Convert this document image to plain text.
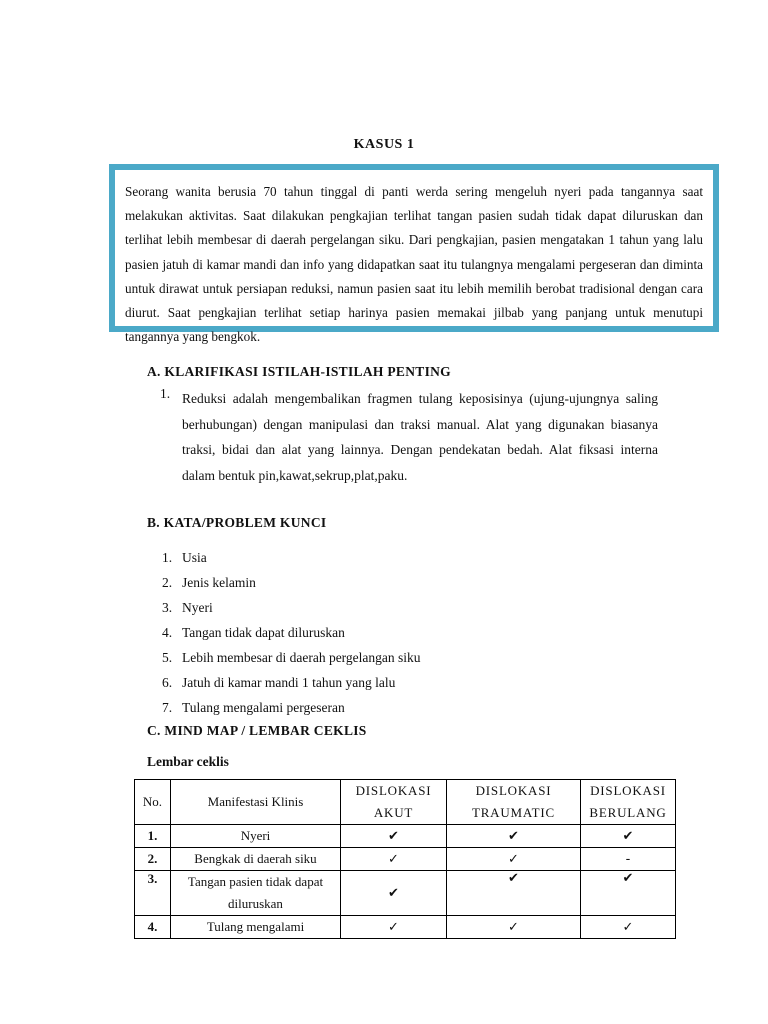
KASUS 1
Seorang wanita berusia 70 tahun tinggal di panti werda sering mengeluh nyeri pada tangannya saat melakukan aktivitas. Saat dilakukan pengkajian terlihat tangan pasien sudah tidak dapat diluruskan dan terlihat lebih membesar di daerah pergelangan siku. Dari pengkajian, pasien mengatakan 1 tahun yang lalu pasien jatuh di kamar mandi dan info yang didapatkan saat itu tulangnya mengalami pergeseran dan diminta untuk dirawat untuk persiapan reduksi, namun pasien saat itu lebih memilih berobat tradisional dengan cara diurut. Saat pengkajian terlihat setiap harinya pasien memakai jilbab yang panjang untuk menutupi tangannya yang bengkok.
A. KLARIFIKASI ISTILAH-ISTILAH PENTING
1. Reduksi adalah mengembalikan fragmen tulang keposisinya (ujung-ujungnya saling berhubungan) dengan manipulasi dan traksi manual. Alat yang digunakan biasanya traksi, bidai dan alat yang lainnya. Dengan pendekatan bedah. Alat fiksasi interna dalam bentuk pin,kawat,sekrup,plat,paku.
B. KATA/PROBLEM KUNCI
1. Usia
2. Jenis kelamin
3. Nyeri
4. Tangan tidak dapat diluruskan
5. Lebih membesar di daerah pergelangan siku
6. Jatuh di kamar mandi 1 tahun yang lalu
7. Tulang mengalami pergeseran
C. MIND MAP / LEMBAR CEKLIS
Lembar ceklis
No.	Manifestasi Klinis	DISLOKASI AKUT	DISLOKASI TRAUMATIC	DISLOKASI BERULANG
1.	Nyeri	✔	✔	✔
2.	Bengkak di daerah siku	✓	✓	-
3.	Tangan pasien tidak dapat diluruskan	✔	✔	✔
4.	Tulang mengalami	✓	✓	✓
